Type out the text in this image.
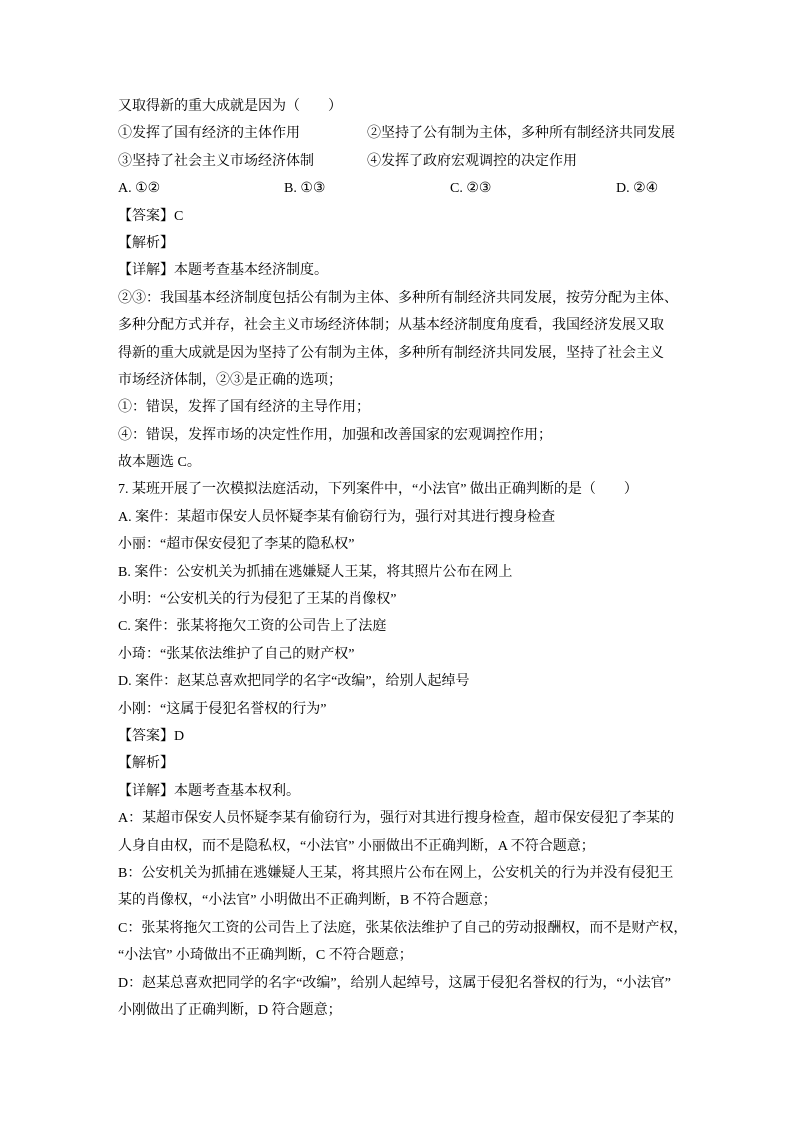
又取得新的重大成就是因为（　　）

①发挥了国有经济的主体作用	②坚持了公有制为主体，多种所有制经济共同发展

③坚持了社会主义市场经济体制	④发挥了政府宏观调控的决定作用

A. ①②	B. ①③	C. ②③	D. ②④

【答案】C

【解析】

【详解】本题考查基本经济制度。

②③：我国基本经济制度包括公有制为主体、多种所有制经济共同发展，按劳分配为主体、

多种分配方式并存，社会主义市场经济体制；从基本经济制度角度看，我国经济发展又取

得新的重大成就是因为坚持了公有制为主体，多种所有制经济共同发展，坚持了社会主义

市场经济体制，②③是正确的选项；

①：错误，发挥了国有经济的主导作用；

④：错误，发挥市场的决定性作用，加强和改善国家的宏观调控作用；

故本题选 C。

7. 某班开展了一次模拟法庭活动，下列案件中，“小法官” 做出正确判断的是（　　）

A. 案件：某超市保安人员怀疑李某有偷窃行为，强行对其进行搜身检查

小丽：“超市保安侵犯了李某的隐私权”

B. 案件：公安机关为抓捕在逃嫌疑人王某，将其照片公布在网上

小明：“公安机关的行为侵犯了王某的肖像权”

C. 案件：张某将拖欠工资的公司告上了法庭

小琦：“张某依法维护了自己的财产权”

D. 案件：赵某总喜欢把同学的名字“改编”，给别人起绰号

小刚：“这属于侵犯名誉权的行为”

【答案】D

【解析】

【详解】本题考查基本权利。

A：某超市保安人员怀疑李某有偷窃行为，强行对其进行搜身检查，超市保安侵犯了李某的

人身自由权，而不是隐私权，“小法官” 小丽做出不正确判断，A 不符合题意；

B：公安机关为抓捕在逃嫌疑人王某，将其照片公布在网上，公安机关的行为并没有侵犯王

某的肖像权，“小法官” 小明做出不正确判断，B 不符合题意；

C：张某将拖欠工资的公司告上了法庭，张某依法维护了自己的劳动报酬权，而不是财产权，

“小法官” 小琦做出不正确判断，C 不符合题意；

D：赵某总喜欢把同学的名字“改编”，给别人起绰号，这属于侵犯名誉权的行为，“小法官”

小刚做出了正确判断，D 符合题意；
